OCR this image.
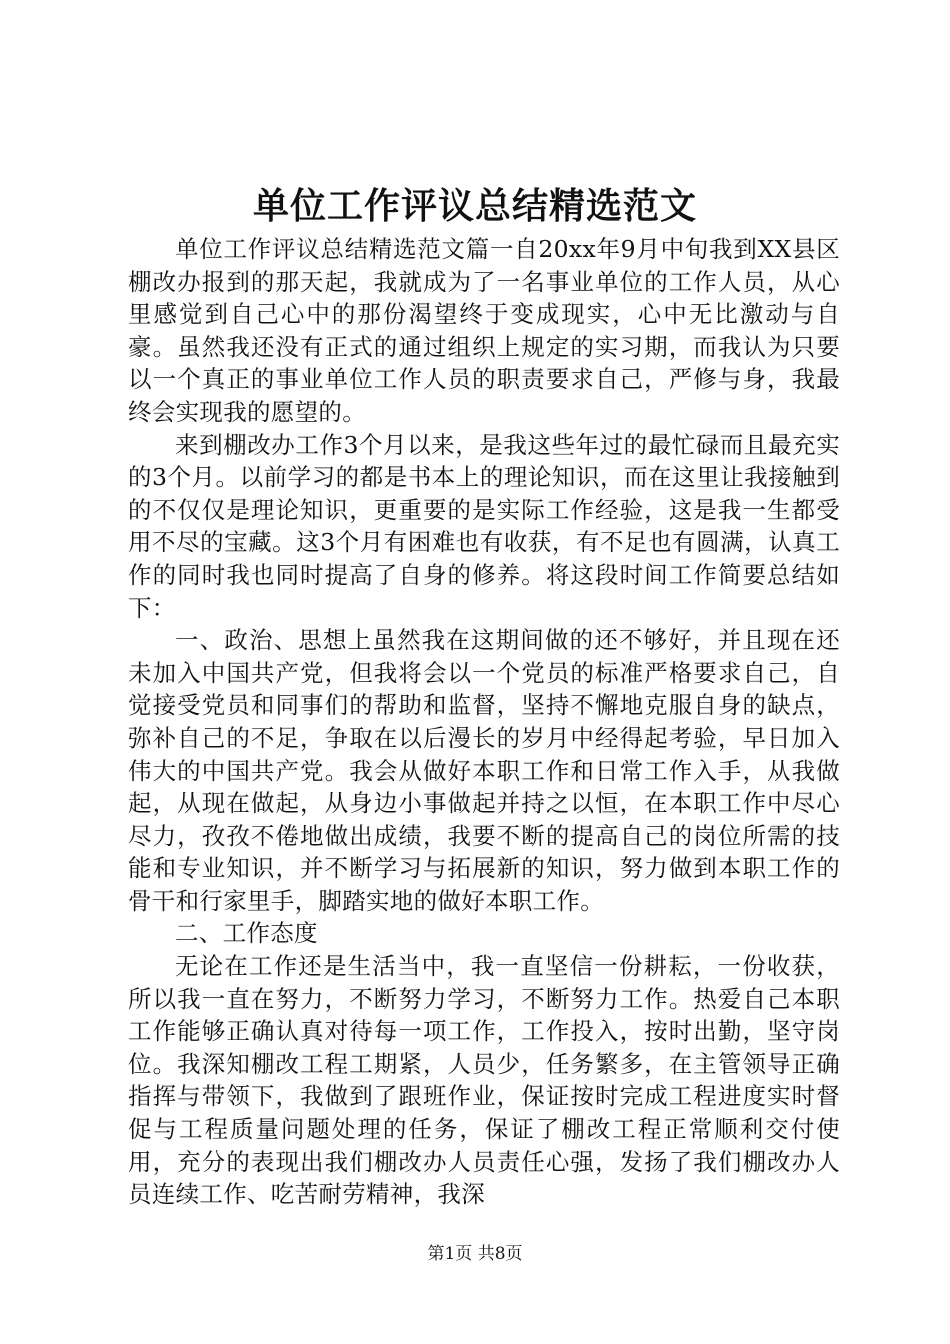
单位工作评议总结精选范文

单位工作评议总结精选范文篇一自20xx年9月中旬我到XX县区棚改办报到的那天起，我就成为了一名事业单位的工作人员，从心里感觉到自己心中的那份渴望终于变成现实，心中无比激动与自豪。虽然我还没有正式的通过组织上规定的实习期，而我认为只要以一个真正的事业单位工作人员的职责要求自己，严修与身，我最终会实现我的愿望的。

来到棚改办工作3个月以来，是我这些年过的最忙碌而且最充实的3个月。以前学习的都是书本上的理论知识，而在这里让我接触到的不仅仅是理论知识，更重要的是实际工作经验，这是我一生都受用不尽的宝藏。这3个月有困难也有收获，有不足也有圆满，认真工作的同时我也同时提高了自身的修养。将这段时间工作简要总结如下：

一、政治、思想上虽然我在这期间做的还不够好，并且现在还未加入中国共产党，但我将会以一个党员的标准严格要求自己，自觉接受党员和同事们的帮助和监督，坚持不懈地克服自身的缺点，弥补自己的不足，争取在以后漫长的岁月中经得起考验，早日加入伟大的中国共产党。我会从做好本职工作和日常工作入手，从我做起，从现在做起，从身边小事做起并持之以恒，在本职工作中尽心尽力，孜孜不倦地做出成绩，我要不断的提高自己的岗位所需的技能和专业知识，并不断学习与拓展新的知识，努力做到本职工作的骨干和行家里手，脚踏实地的做好本职工作。

二、工作态度

无论在工作还是生活当中，我一直坚信一份耕耘，一份收获，所以我一直在努力，不断努力学习，不断努力工作。热爱自己本职工作能够正确认真对待每一项工作，工作投入，按时出勤，坚守岗位。我深知棚改工程工期紧，人员少，任务繁多，在主管领导正确指挥与带领下，我做到了跟班作业，保证按时完成工程进度实时督促与工程质量问题处理的任务，保证了棚改工程正常顺利交付使用，充分的表现出我们棚改办人员责任心强，发扬了我们棚改办人员连续工作、吃苦耐劳精神，我深

第1页 共8页
